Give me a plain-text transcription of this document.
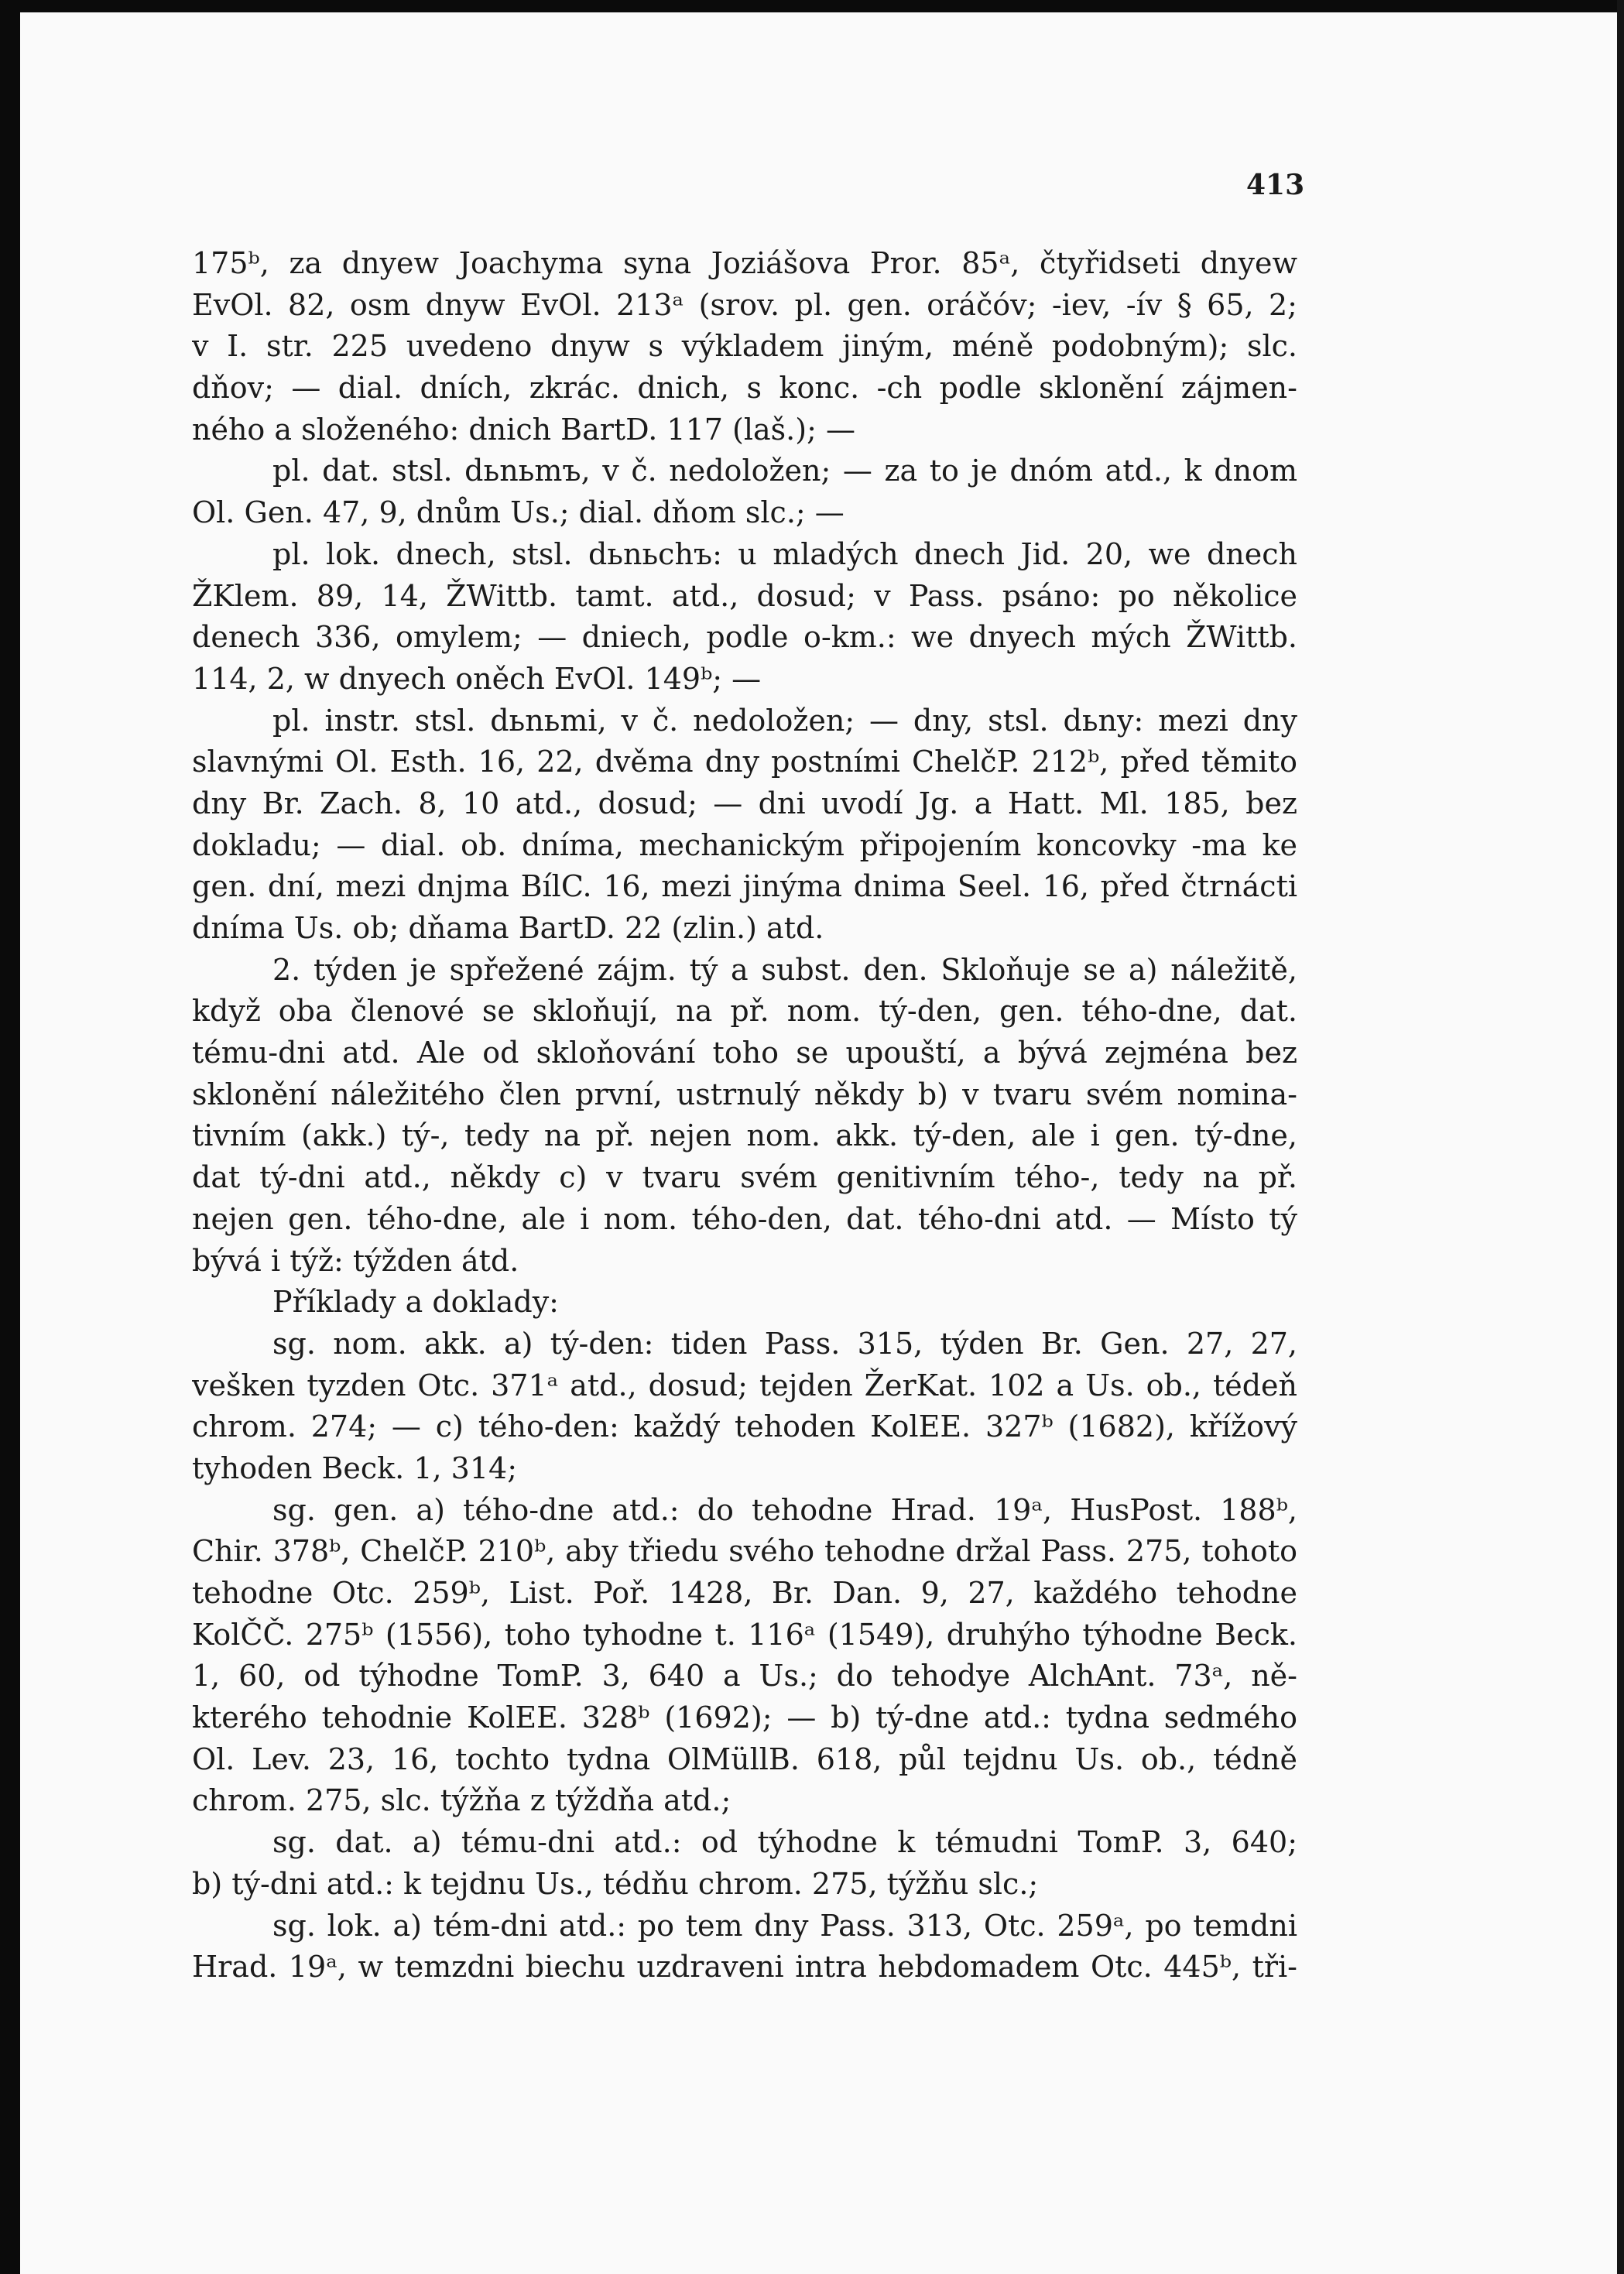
413
175ᵇ, za dnyew Joachyma syna Joziášova Pror. 85ᵃ, čtyřidseti dnyew
EvOl. 82, osm dnyw EvOl. 213ᵃ (srov. pl. gen. oráčóv; -iev, -ív § 65, 2;
v I. str. 225 uvedeno dnyw s výkladem jiným, méně podobným); slc.
dňov; — dial. dních, zkrác. dnich, s konc. -ch podle sklonění zájmen-
ného a složeného: dnich BartD. 117 (laš.); —
pl. dat. stsl. dьnьmъ, v č. nedoložen; — za to je dnóm atd., k dnom
Ol. Gen. 47, 9, dnům Us.; dial. dňom slc.; —
pl. lok. dnech, stsl. dьnьchъ: u mladých dnech Jid. 20, we dnech
ŽKlem. 89, 14, ŽWittb. tamt. atd., dosud; v Pass. psáno: po několice
denech 336, omylem; — dniech, podle o-km.: we dnyech mých ŽWittb.
114, 2, w dnyech oněch EvOl. 149ᵇ; —
pl. instr. stsl. dьnьmi, v č. nedoložen; — dny, stsl. dьny: mezi dny
slavnými Ol. Esth. 16, 22, dvěma dny postními ChelčP. 212ᵇ, před těmito
dny Br. Zach. 8, 10 atd., dosud; — dni uvodí Jg. a Hatt. Ml. 185, bez
dokladu; — dial. ob. dníma, mechanickým připojením koncovky -ma ke
gen. dní, mezi dnjma BílC. 16, mezi jinýma dnima Seel. 16, před čtrnácti
dníma Us. ob; dňama BartD. 22 (zlin.) atd.
2. týden je spřežené zájm. tý a subst. den. Skloňuje se a) náležitě,
když oba členové se skloňují, na př. nom. tý-den, gen. tého-dne, dat.
tému-dni atd. Ale od skloňování toho se upouští, a bývá zejména bez
sklonění náležitého člen první, ustrnulý někdy b) v tvaru svém nomina-
tivním (akk.) tý-, tedy na př. nejen nom. akk. tý-den, ale i gen. tý-dne,
dat tý-dni atd., někdy c) v tvaru svém genitivním tého-, tedy na př.
nejen gen. tého-dne, ale i nom. tého-den, dat. tého-dni atd. — Místo tý
bývá i týž: týžden átd.
Příklady a doklady:
sg. nom. akk. a) tý-den: tiden Pass. 315, týden Br. Gen. 27, 27,
vešken tyzden Otc. 371ᵃ atd., dosud; tejden ŽerKat. 102 a Us. ob., tédeň
chrom. 274; — c) tého-den: každý tehoden KolEE. 327ᵇ (1682), křížový
tyhoden Beck. 1, 314;
sg. gen. a) tého-dne atd.: do tehodne Hrad. 19ᵃ, HusPost. 188ᵇ,
Chir. 378ᵇ, ChelčP. 210ᵇ, aby třiedu svého tehodne držal Pass. 275, tohoto
tehodne Otc. 259ᵇ, List. Poř. 1428, Br. Dan. 9, 27, každého tehodne
KolČČ. 275ᵇ (1556), toho tyhodne t. 116ᵃ (1549), druhýho týhodne Beck.
1, 60, od týhodne TomP. 3, 640 a Us.; do tehodye AlchAnt. 73ᵃ, ně-
kterého tehodnie KolEE. 328ᵇ (1692); — b) tý-dne atd.: tydna sedmého
Ol. Lev. 23, 16, tochto tydna OlMüllB. 618, půl tejdnu Us. ob., tédně
chrom. 275, slc. týžňa z týždňa atd.;
sg. dat. a) tému-dni atd.: od týhodne k témudni TomP. 3, 640;
b) tý-dni atd.: k tejdnu Us., tédňu chrom. 275, týžňu slc.;
sg. lok. a) tém-dni atd.: po tem dny Pass. 313, Otc. 259ᵃ, po temdni
Hrad. 19ᵃ, w temzdni biechu uzdraveni intra hebdomadem Otc. 445ᵇ, tři-
